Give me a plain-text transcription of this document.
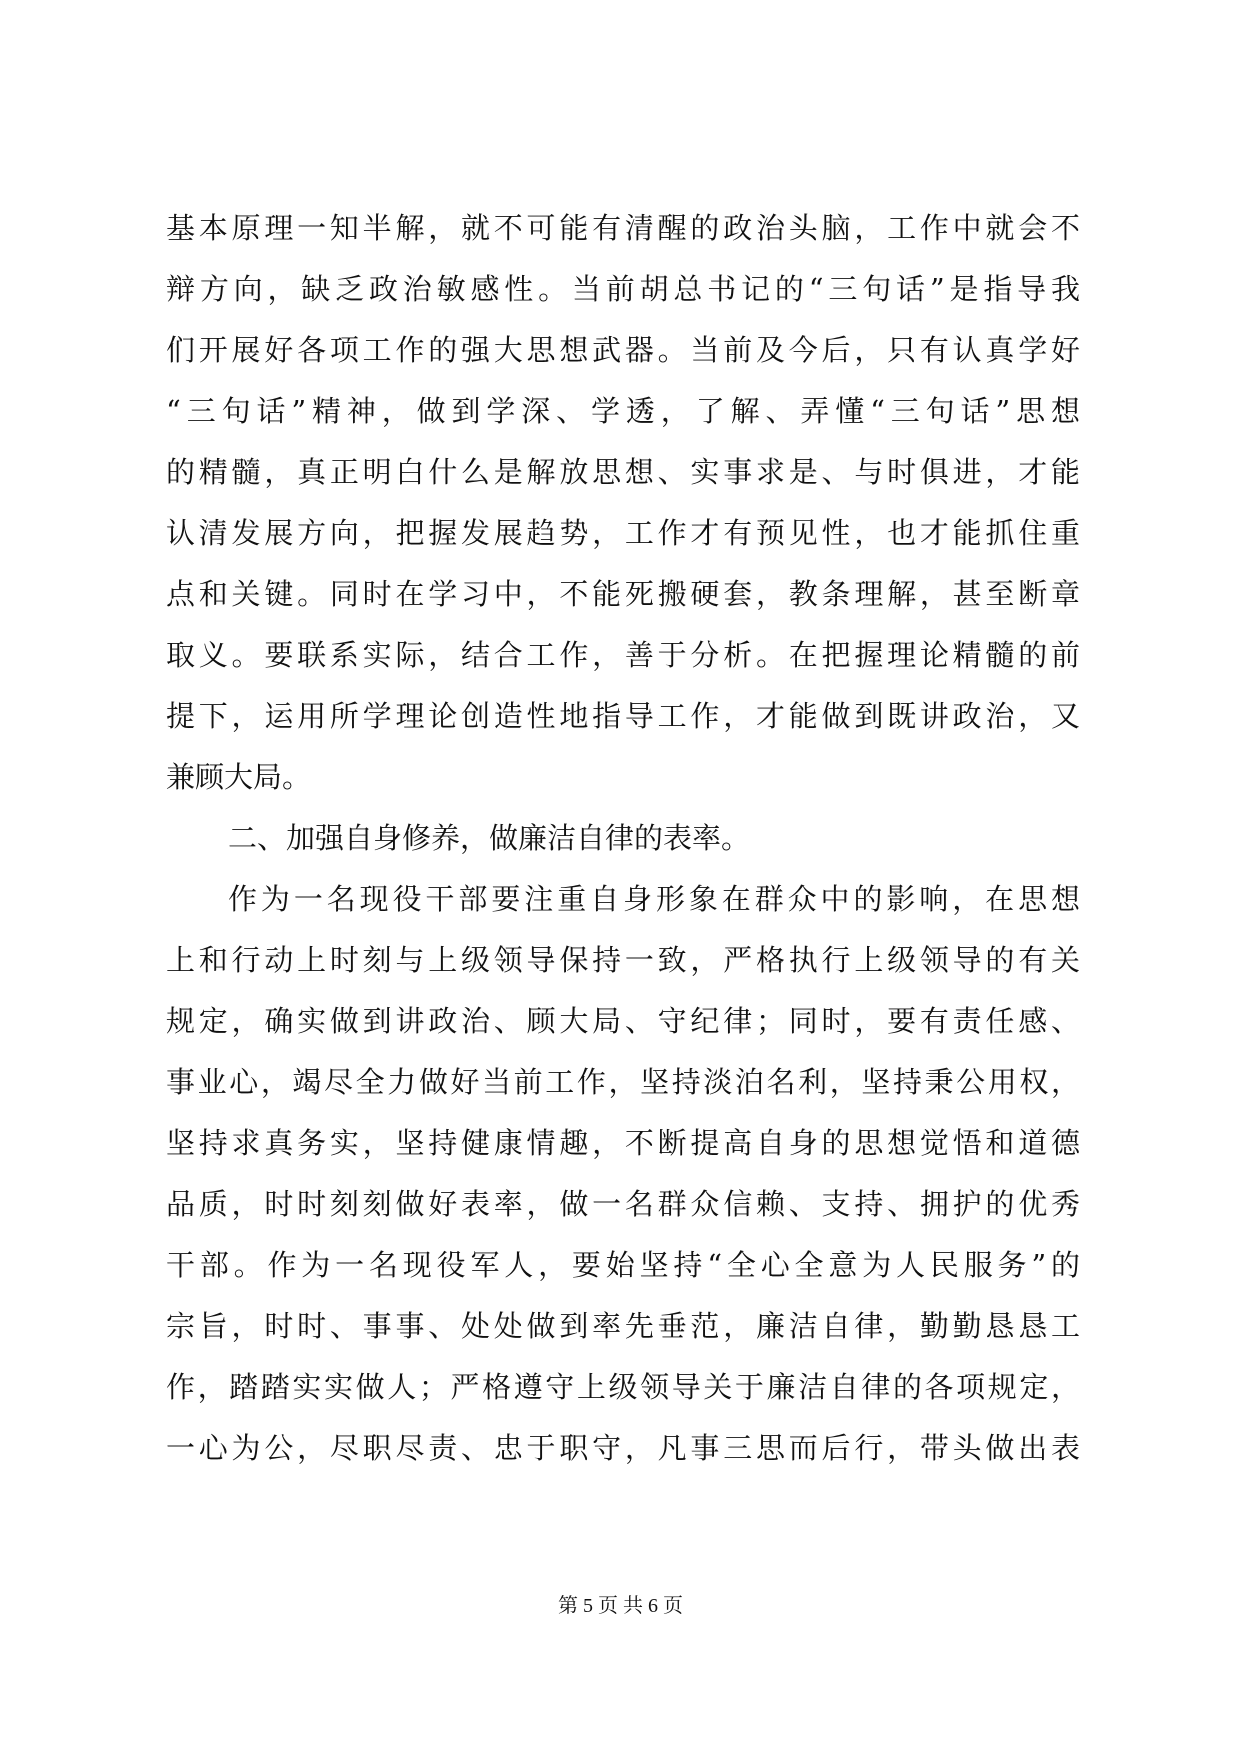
基本原理一知半解，就不可能有清醒的政治头脑，工作中就会不
辩方向，缺乏政治敏感性。当前胡总书记的“三句话”是指导我
们开展好各项工作的强大思想武器。当前及今后，只有认真学好
“三句话”精神，做到学深、学透，了解、弄懂“三句话”思想
的精髓，真正明白什么是解放思想、实事求是、与时俱进，才能
认清发展方向，把握发展趋势，工作才有预见性，也才能抓住重
点和关键。同时在学习中，不能死搬硬套，教条理解，甚至断章
取义。要联系实际，结合工作，善于分析。在把握理论精髓的前
提下，运用所学理论创造性地指导工作，才能做到既讲政治，又
兼顾大局。
二、加强自身修养，做廉洁自律的表率。
作为一名现役干部要注重自身形象在群众中的影响，在思想
上和行动上时刻与上级领导保持一致，严格执行上级领导的有关
规定，确实做到讲政治、顾大局、守纪律；同时，要有责任感、
事业心，竭尽全力做好当前工作，坚持淡泊名利，坚持秉公用权，
坚持求真务实，坚持健康情趣，不断提高自身的思想觉悟和道德
品质，时时刻刻做好表率，做一名群众信赖、支持、拥护的优秀
干部。作为一名现役军人，要始坚持“全心全意为人民服务”的
宗旨，时时、事事、处处做到率先垂范，廉洁自律，勤勤恳恳工
作，踏踏实实做人；严格遵守上级领导关于廉洁自律的各项规定，
一心为公，尽职尽责、忠于职守，凡事三思而后行，带头做出表
第 5 页 共 6 页
